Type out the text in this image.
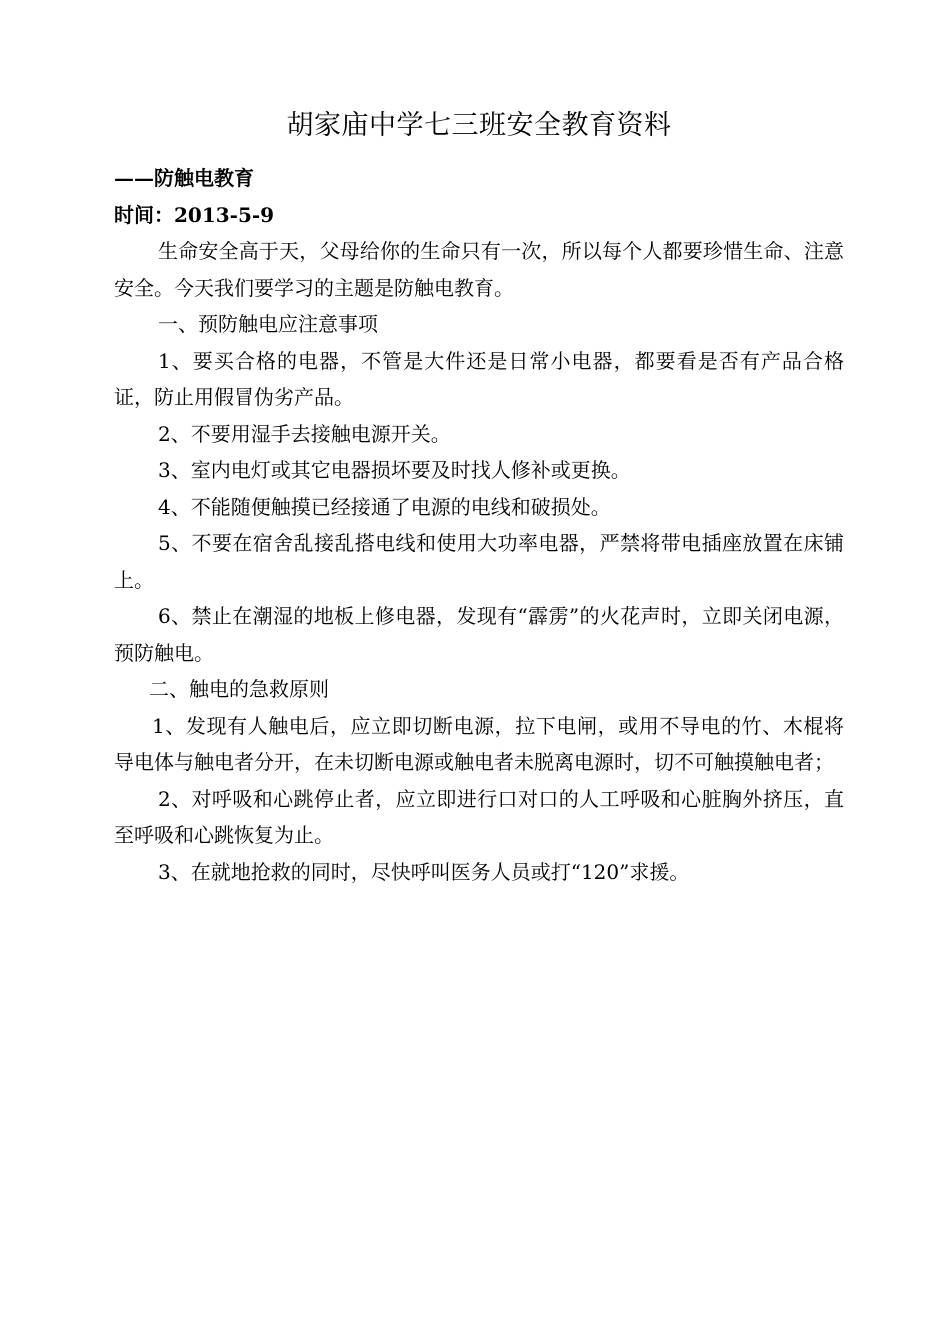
胡家庙中学七三班安全教育资料

——防触电教育

时间：2013-5-9

生命安全高于天，父母给你的生命只有一次，所以每个人都要珍惜生命、注意安全。今天我们要学习的主题是防触电教育。

一、预防触电应注意事项

1、要买合格的电器，不管是大件还是日常小电器，都要看是否有产品合格证，防止用假冒伪劣产品。

2、不要用湿手去接触电源开关。

3、室内电灯或其它电器损坏要及时找人修补或更换。

4、不能随便触摸已经接通了电源的电线和破损处。

5、不要在宿舍乱接乱搭电线和使用大功率电器，严禁将带电插座放置在床铺上。

6、禁止在潮湿的地板上修电器，发现有“霹雳”的火花声时，立即关闭电源，预防触电。

二、触电的急救原则

1、发现有人触电后，应立即切断电源，拉下电闸，或用不导电的竹、木棍将导电体与触电者分开，在未切断电源或触电者未脱离电源时，切不可触摸触电者；

2、对呼吸和心跳停止者，应立即进行口对口的人工呼吸和心脏胸外挤压，直至呼吸和心跳恢复为止。

3、在就地抢救的同时，尽快呼叫医务人员或打“120”求援。
